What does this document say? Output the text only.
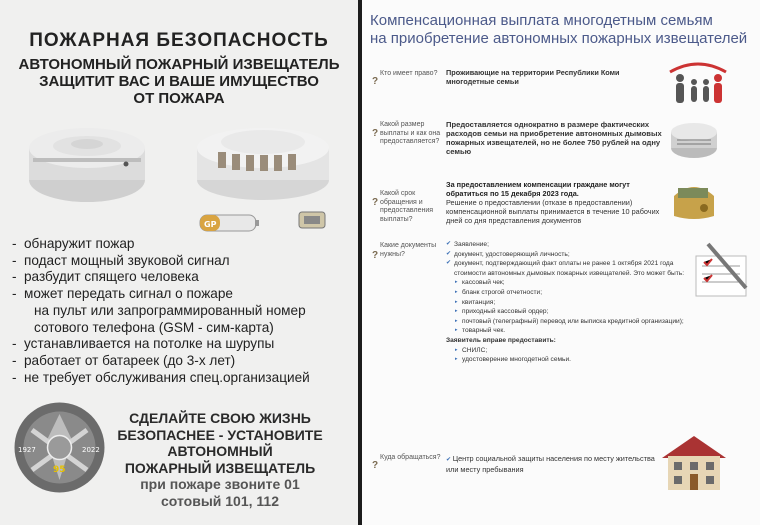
ПОЖАРНАЯ БЕЗОПАСНОСТЬ
АВТОНОМНЫЙ ПОЖАРНЫЙ ИЗВЕЩАТЕЛЬ
ЗАЩИТИТ ВАС И ВАШЕ ИМУЩЕСТВО
ОТ ПОЖАРА
GP
- обнаружит пожар
- подаст мощный звуковой сигнал
- разбудит спящего человека
- может передать сигнал о пожаре
на пульт или запрограммированный номер
сотового телефона (GSM - сим-карта)
- устанавливается на потолке на шурупы
- работает от батареек (до 3-х лет)
- не требует обслуживания спец.организацией
1927	2022
95
СДЕЛАЙТЕ СВОЮ ЖИЗНЬ
БЕЗОПАСНЕЕ - УСТАНОВИТЕ
АВТОНОМНЫЙ
ПОЖАРНЫЙ ИЗВЕЩАТЕЛЬ
при пожаре звоните 01
сотовый 101, 112
Компенсационная выплата многодетным семьям
на приобретение автономных пожарных извещателей
?
Кто имеет право?	Проживающие на территории Республики Коми многодетные семьи
?
Какой размер выплаты и как она предоставляется?
Предоставляется однократно в размере фактических расходов семьи на приобретение автономных дымовых пожарных извещателей, но не более 750 рублей на одну семью
?
Какой срок обращения и предоставления выплаты?
За предоставлением компенсации граждане могут обратиться по 15 декабря 2023 года.
Решение о предоставлении (отказе в предоставлении) компенсационной выплаты принимается в течение 10 рабочих дней со дня представления документов
?
Какие документы нужны?
✔ Заявление;
✔ документ, удостоверяющий личность;
✔ документ, подтверждающий факт оплаты не ранее 1 октября 2021 года стоимости автономных дымовых пожарных извещателей. Это может быть:
▸ кассовый чек;
▸ бланк строгой отчетности;
▸ квитанция;
▸ приходный кассовый ордер;
▸ почтовый (телеграфный) перевод или выписка кредитной организации);
▸ товарный чек.
Заявитель вправе предоставить:
▸ СНИЛС;
▸ удостоверение многодетной семьи.
?
Куда обращаться? ✔ Центр социальной защиты населения по месту жительства или месту пребывания
